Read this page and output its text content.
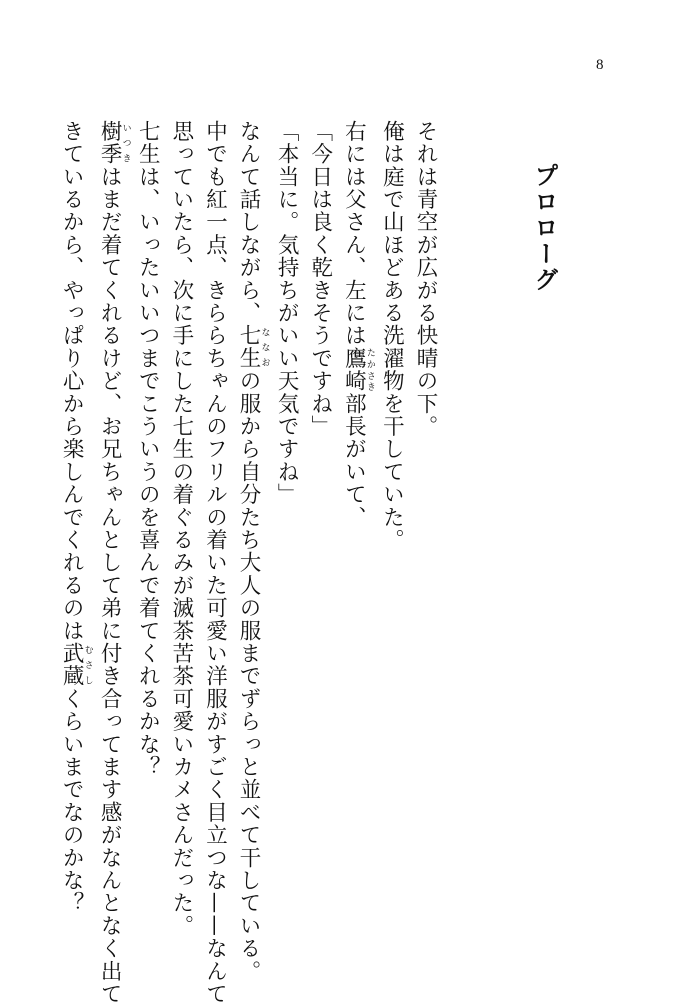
8
プロローグ
それは青空が広がる快晴の下。
俺は庭で山ほどある洗濯物を干していた。
右には父さん、左には鷹崎たかさき部長がいて、
「今日は良く乾きそうですね」
「本当に。気持ちがいい天気ですね」
なんて話しながら、七生ななおの服から自分たち大人の服までずらっと並べて干している。
中でも紅一点、きららちゃんのフリルの着いた可愛い洋服がすごく目立つな——なんて
思っていたら、次に手にした七生の着ぐるみが滅茶苦茶可愛いカメさんだった。
七生は、いったいいつまでこういうのを喜んで着てくれるかな？
樹季いつきはまだ着てくれるけど、お兄ちゃんとして弟に付き合ってます感がなんとなく出て
きているから、やっぱり心から楽しんでくれるのは武蔵むさしくらいまでなのかな？
